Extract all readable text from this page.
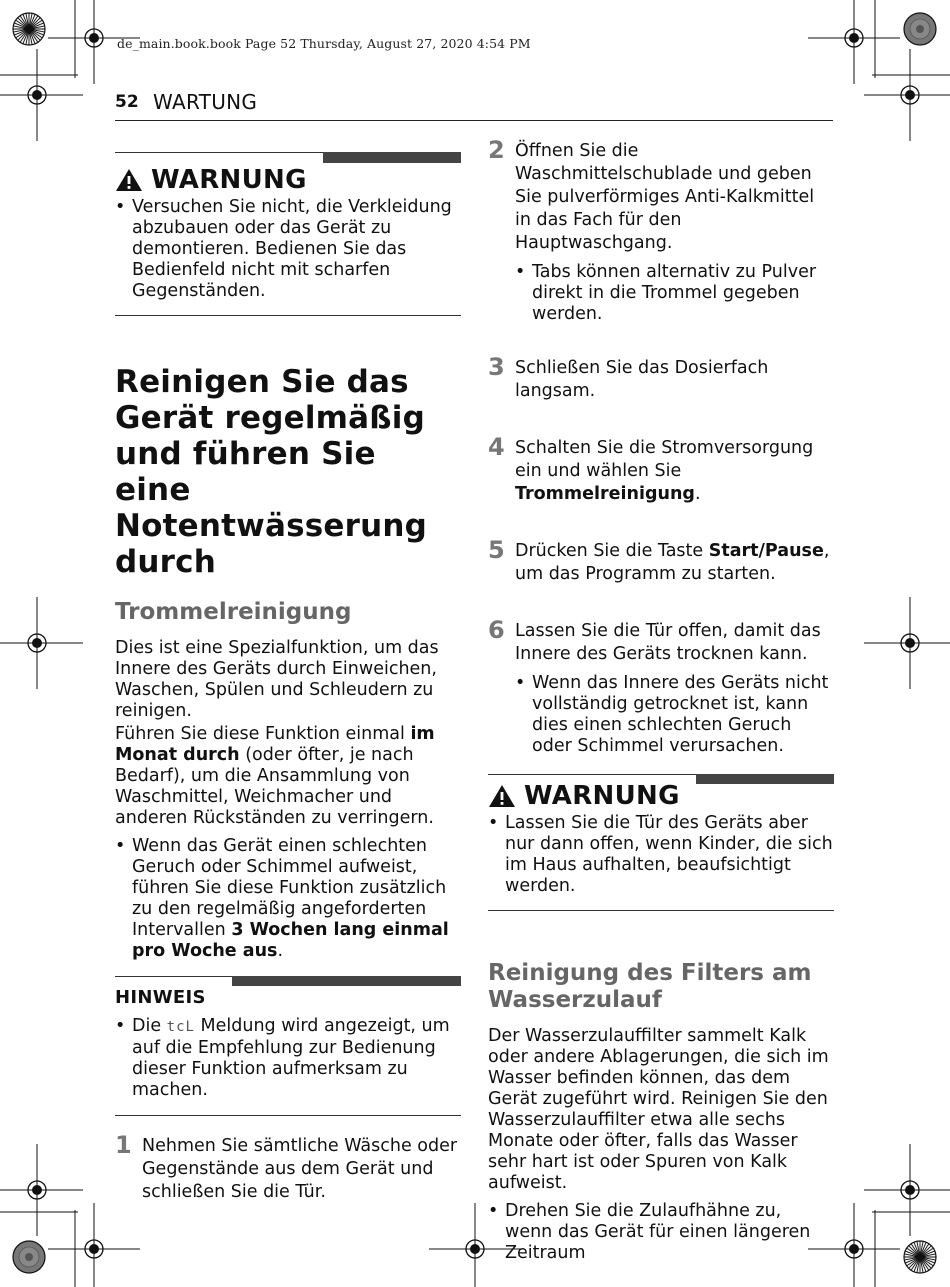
de_main.book.book Page 52 Thursday, August 27, 2020 4:54 PM
52 WARTUNG
WARNUNG
• Versuchen Sie nicht, die Verkleidung abzubauen oder das Gerät zu demontieren. Bedienen Sie das Bedienfeld nicht mit scharfen Gegenständen.
Reinigen Sie das Gerät regelmäßig und führen Sie eine Notentwässerung durch
Trommelreinigung

Dies ist eine Spezialfunktion, um das Innere des Geräts durch Einweichen, Waschen, Spülen und Schleudern zu reinigen.

Führen Sie diese Funktion einmal im Monat durch (oder öfter, je nach Bedarf), um die Ansammlung von Waschmittel, Weichmacher und anderen Rückständen zu verringern.

• Wenn das Gerät einen schlechten Geruch oder Schimmel aufweist, führen Sie diese Funktion zusätzlich zu den regelmäßig angeforderten Intervallen 3 Wochen lang einmal pro Woche aus.
HINWEIS
• Die tcL Meldung wird angezeigt, um auf die Empfehlung zur Bedienung dieser Funktion aufmerksam zu machen.
1 Nehmen Sie sämtliche Wäsche oder Gegenstände aus dem Gerät und schließen Sie die Tür.
2 Öffnen Sie die Waschmittelschublade und geben Sie pulverförmiges Anti-Kalkmittel in das Fach für den Hauptwaschgang.
• Tabs können alternativ zu Pulver direkt in die Trommel gegeben werden.
3 Schließen Sie das Dosierfach langsam.
4 Schalten Sie die Stromversorgung ein und wählen Sie Trommelreinigung.
5 Drücken Sie die Taste Start/Pause, um das Programm zu starten.
6 Lassen Sie die Tür offen, damit das Innere des Geräts trocknen kann.
• Wenn das Innere des Geräts nicht vollständig getrocknet ist, kann dies einen schlechten Geruch oder Schimmel verursachen.
WARNUNG
• Lassen Sie die Tür des Geräts aber nur dann offen, wenn Kinder, die sich im Haus aufhalten, beaufsichtigt werden.
Reinigung des Filters am Wasserzulauf

Der Wasserzulauffilter sammelt Kalk oder andere Ablagerungen, die sich im Wasser befinden können, das dem Gerät zugeführt wird. Reinigen Sie den Wasserzulauffilter etwa alle sechs Monate oder öfter, falls das Wasser sehr hart ist oder Spuren von Kalk aufweist.

• Drehen Sie die Zulaufhähne zu, wenn das Gerät für einen längeren Zeitraum
